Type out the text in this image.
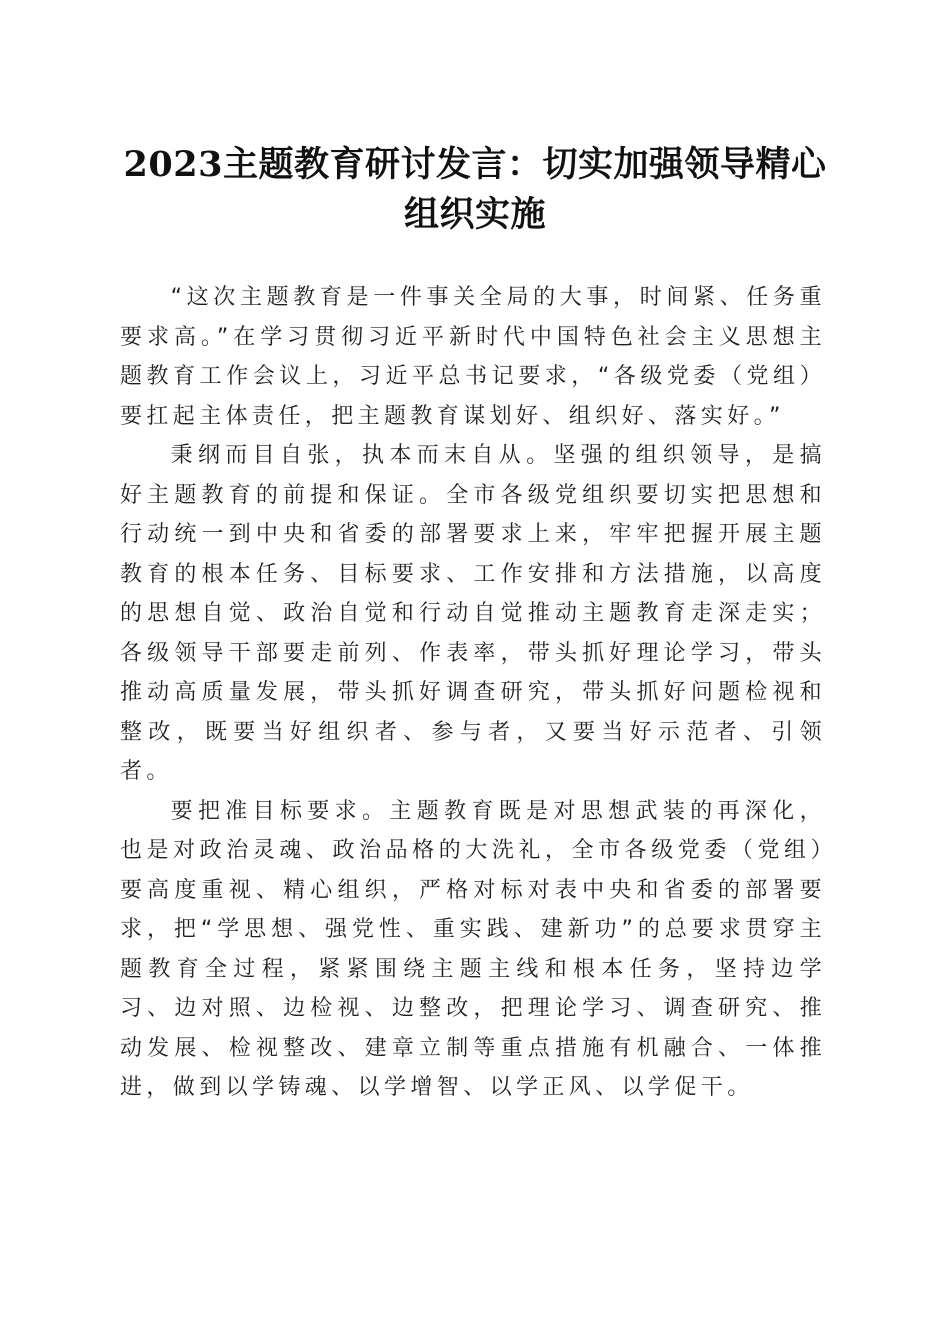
2023主题教育研讨发言：切实加强领导精心
组织实施

“这次主题教育是一件事关全局的大事，时间紧、任务重要求高。”在学习贯彻习近平新时代中国特色社会主义思想主题教育工作会议上，习近平总书记要求，“各级党委（党组）要扛起主体责任，把主题教育谋划好、组织好、落实好。”

秉纲而目自张，执本而末自从。坚强的组织领导，是搞好主题教育的前提和保证。全市各级党组织要切实把思想和行动统一到中央和省委的部署要求上来，牢牢把握开展主题教育的根本任务、目标要求、工作安排和方法措施，以高度的思想自觉、政治自觉和行动自觉推动主题教育走深走实；各级领导干部要走前列、作表率，带头抓好理论学习，带头推动高质量发展，带头抓好调查研究，带头抓好问题检视和整改，既要当好组织者、参与者，又要当好示范者、引领者。

要把准目标要求。主题教育既是对思想武装的再深化，也是对政治灵魂、政治品格的大洗礼，全市各级党委（党组）要高度重视、精心组织，严格对标对表中央和省委的部署要求，把“学思想、强党性、重实践、建新功”的总要求贯穿主题教育全过程，紧紧围绕主题主线和根本任务，坚持边学习、边对照、边检视、边整改，把理论学习、调查研究、推动发展、检视整改、建章立制等重点措施有机融合、一体推进，做到以学铸魂、以学增智、以学正风、以学促干。
